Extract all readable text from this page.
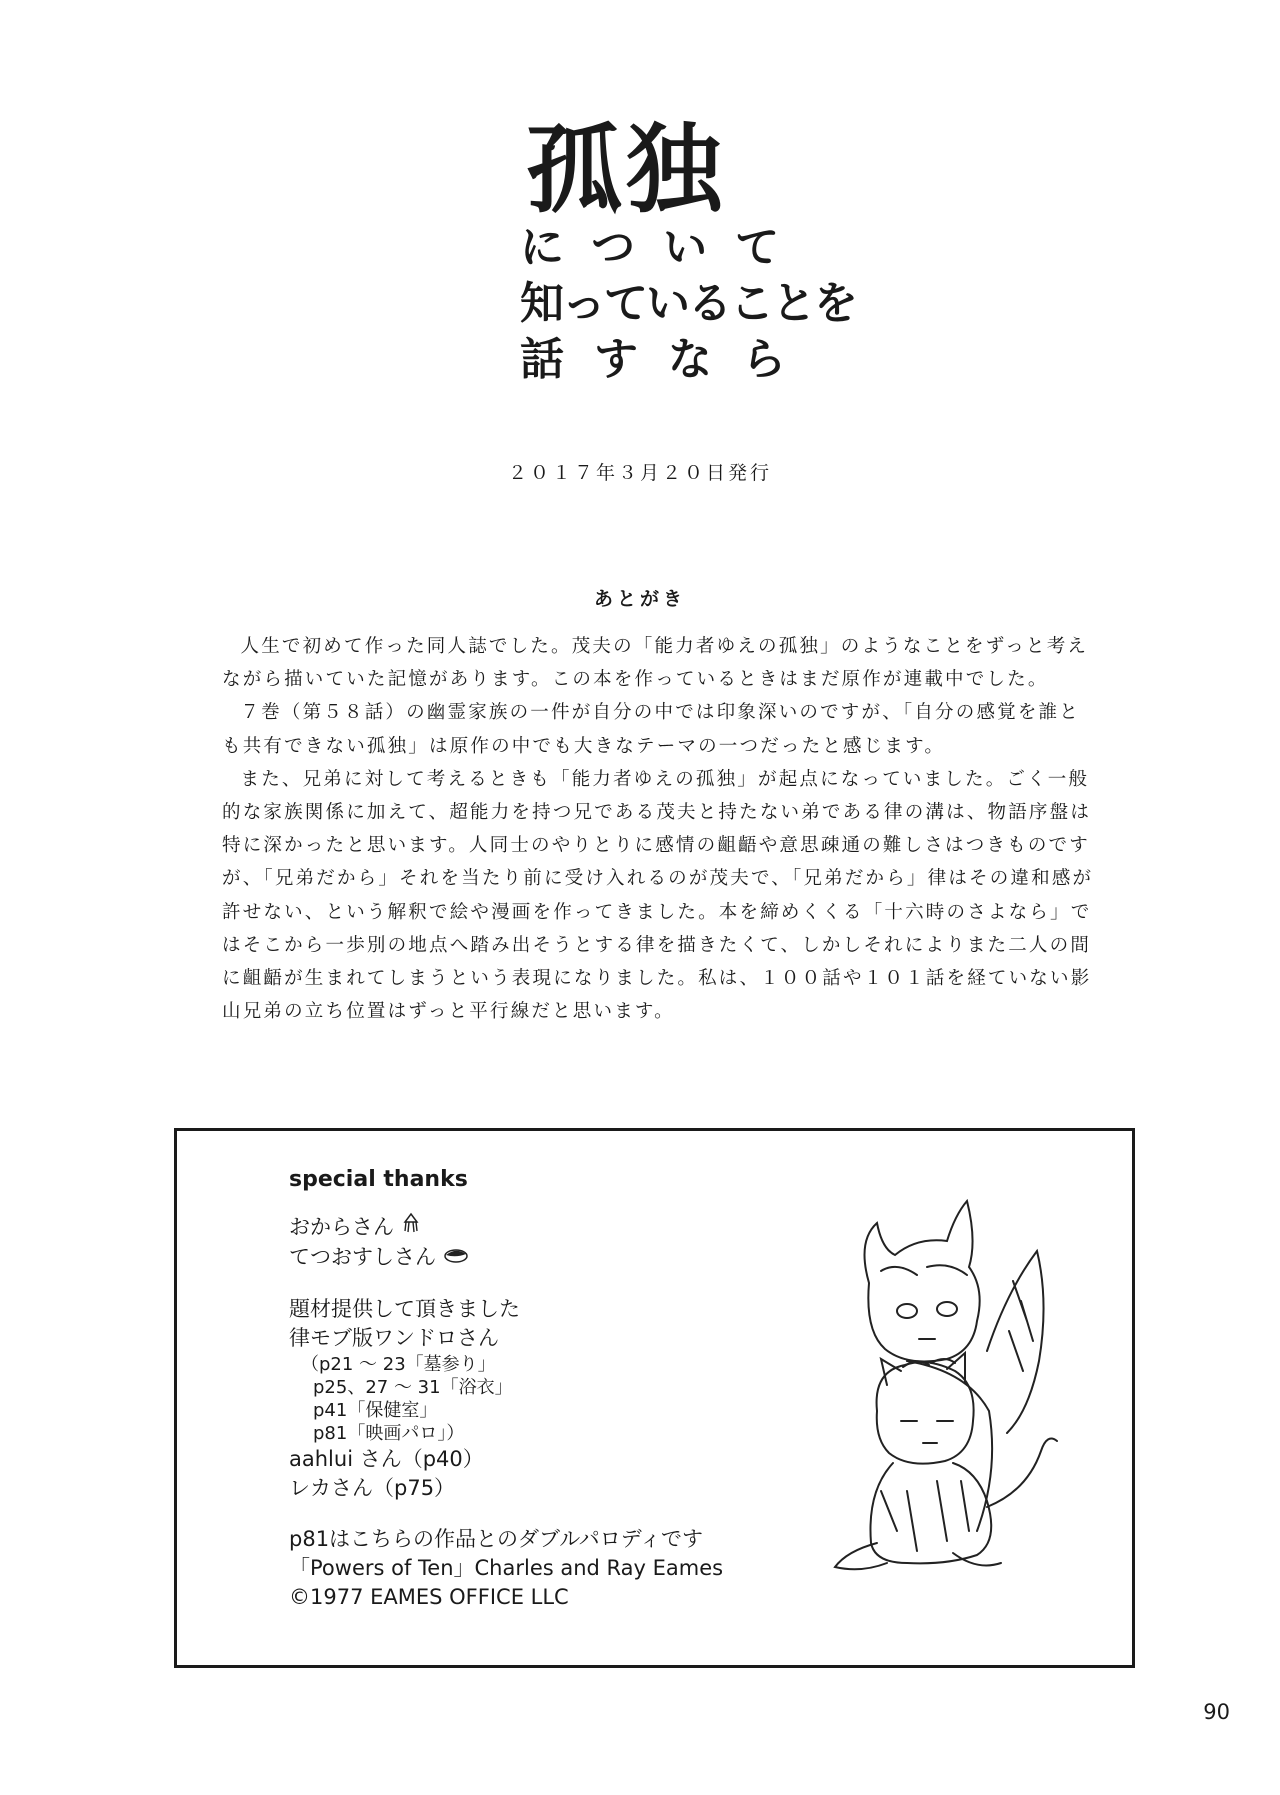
孤独
について
知っていることを
話すなら
２０１７年３月２０日発行
あとがき

人生で初めて作った同人誌でした。茂夫の「能力者ゆえの孤独」のようなことをずっと考えながら描いていた記憶があります。この本を作っているときはまだ原作が連載中でした。

７巻（第５８話）の幽霊家族の一件が自分の中では印象深いのですが、「自分の感覚を誰とも共有できない孤独」は原作の中でも大きなテーマの一つだったと感じます。

また、兄弟に対して考えるときも「能力者ゆえの孤独」が起点になっていました。ごく一般的な家族関係に加えて、超能力を持つ兄である茂夫と持たない弟である律の溝は、物語序盤は特に深かったと思います。人同士のやりとりに感情の齟齬や意思疎通の難しさはつきものですが、「兄弟だから」それを当たり前に受け入れるのが茂夫で、「兄弟だから」律はその違和感が許せない、という解釈で絵や漫画を作ってきました。本を締めくくる「十六時のさよなら」ではそこから一歩別の地点へ踏み出そうとする律を描きたくて、しかしそれによりまた二人の間に齟齬が生まれてしまうという表現になりました。私は、１００話や１０１話を経ていない影山兄弟の立ち位置はずっと平行線だと思います。

special thanks
おからさん
てつおすしさん
題材提供して頂きました
律モブ版ワンドロさん
（p21 ～ 23「墓参り」
p25、27 ～ 31「浴衣」
p41「保健室」
p81「映画パロ」）
aahlui さん（p40）
レカさん（p75）
p81はこちらの作品とのダブルパロディです
「Powers of Ten」Charles and Ray Eames
©1977 EAMES OFFICE LLC
90
